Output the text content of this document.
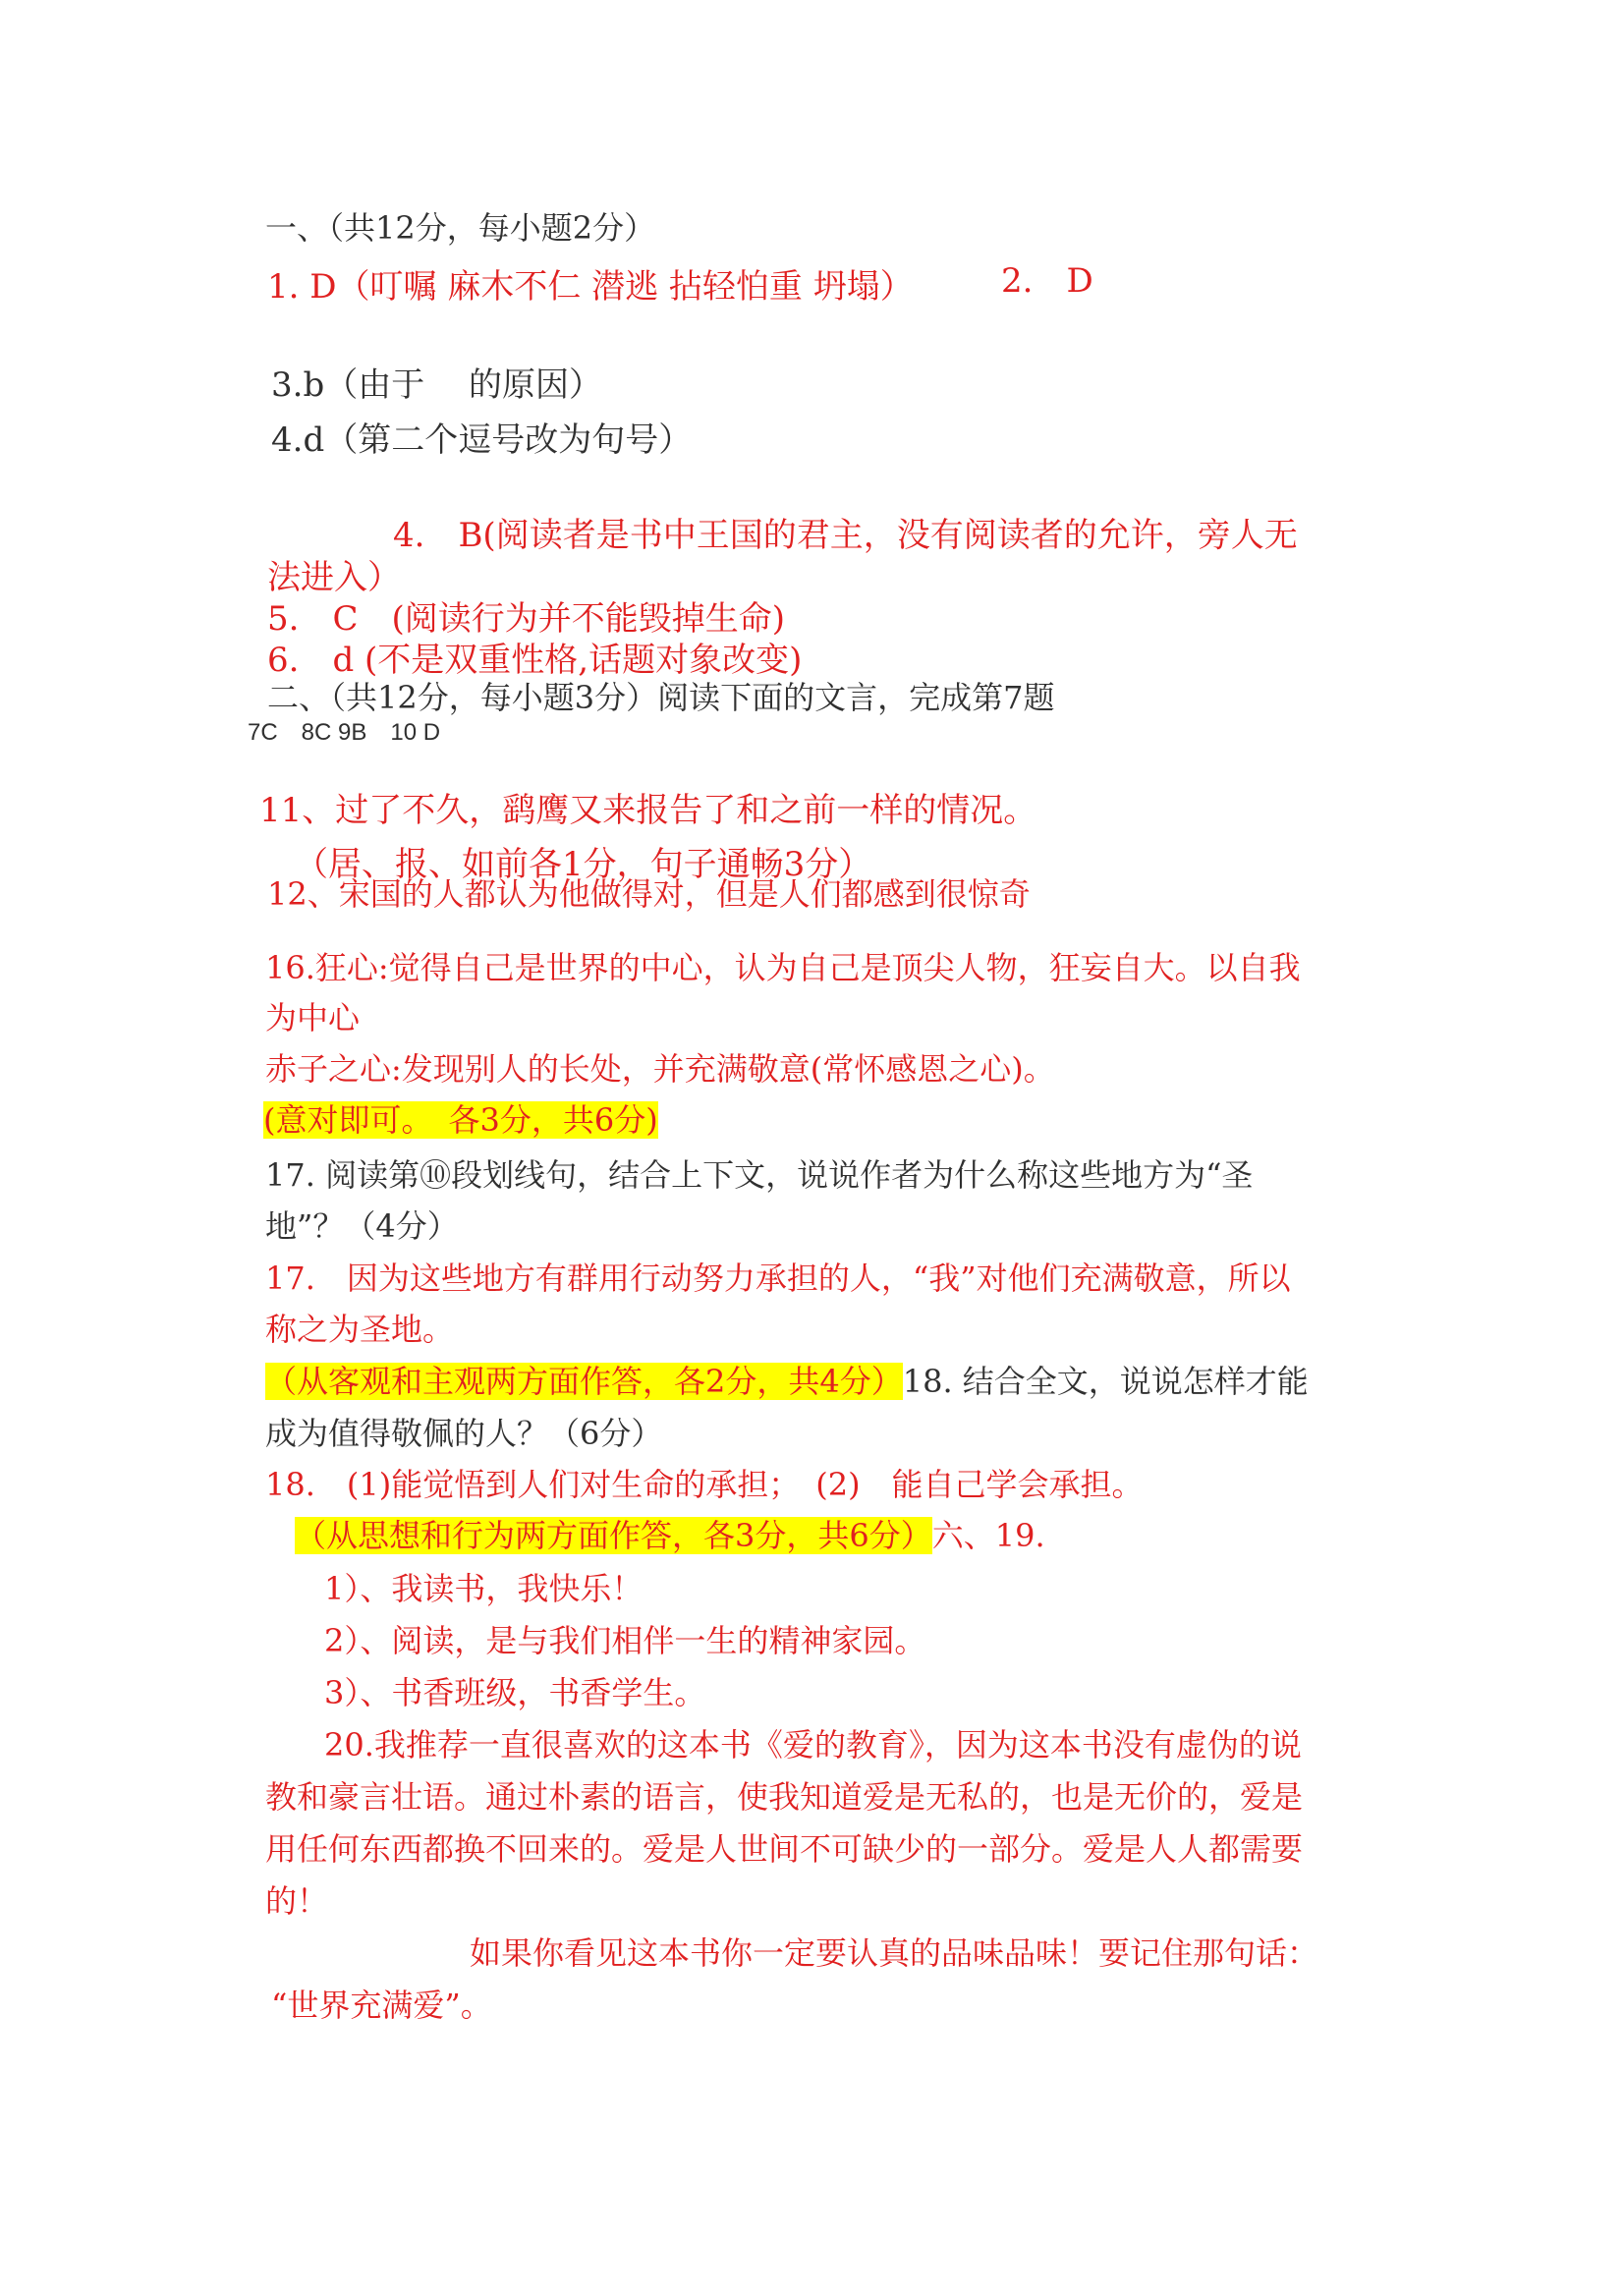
一、（共12分，每小题2分）
1. D（叮嘱 麻木不仁 潜逃 拈轻怕重 坍塌）	2.　D
3.b（由于　 的原因）
4.d（第二个逗号改为句号）
4.　B(阅读者是书中王国的君主，没有阅读者的允许，旁人无
法进入）
5.　C　(阅读行为并不能毁掉生命)
6.　d (不是双重性格,话题对象改变)
二、（共12分，每小题3分）阅读下面的文言，完成第7题
7C　8C 9B　10 D
11、过了不久，鹞鹰又来报告了和之前一样的情况。
（居、报、如前各1分，句子通畅3分）
12、宋国的人都认为他做得对，但是人们都感到很惊奇
16.狂心:觉得自己是世界的中心，认为自己是顶尖人物，狂妄自大。以自我
为中心
赤子之心:发现别人的长处，并充满敬意(常怀感恩之心)。
(意对即可。　各3分，共6分)
17. 阅读第⑩段划线句，结合上下文，说说作者为什么称这些地方为“圣
地”？（4分）
17.　因为这些地方有群用行动努力承担的人，“我”对他们充满敬意，所以
称之为圣地。
（从客观和主观两方面作答，各2分，共4分）18. 结合全文，说说怎样才能
成为值得敬佩的人？（6分）
18.　(1)能觉悟到人们对生命的承担；　(2)　能自己学会承担。
（从思想和行为两方面作答，各3分，共6分）六、19.
1）、我读书，我快乐！
2）、阅读，是与我们相伴一生的精神家园。
3）、书香班级，书香学生。
20.我推荐一直很喜欢的这本书《爱的教育》，因为这本书没有虚伪的说
教和豪言壮语。通过朴素的语言，使我知道爱是无私的，也是无价的，爱是
用任何东西都换不回来的。爱是人世间不可缺少的一部分。爱是人人都需要
的！
如果你看见这本书你一定要认真的品味品味！要记住那句话：
“世界充满爱”。
